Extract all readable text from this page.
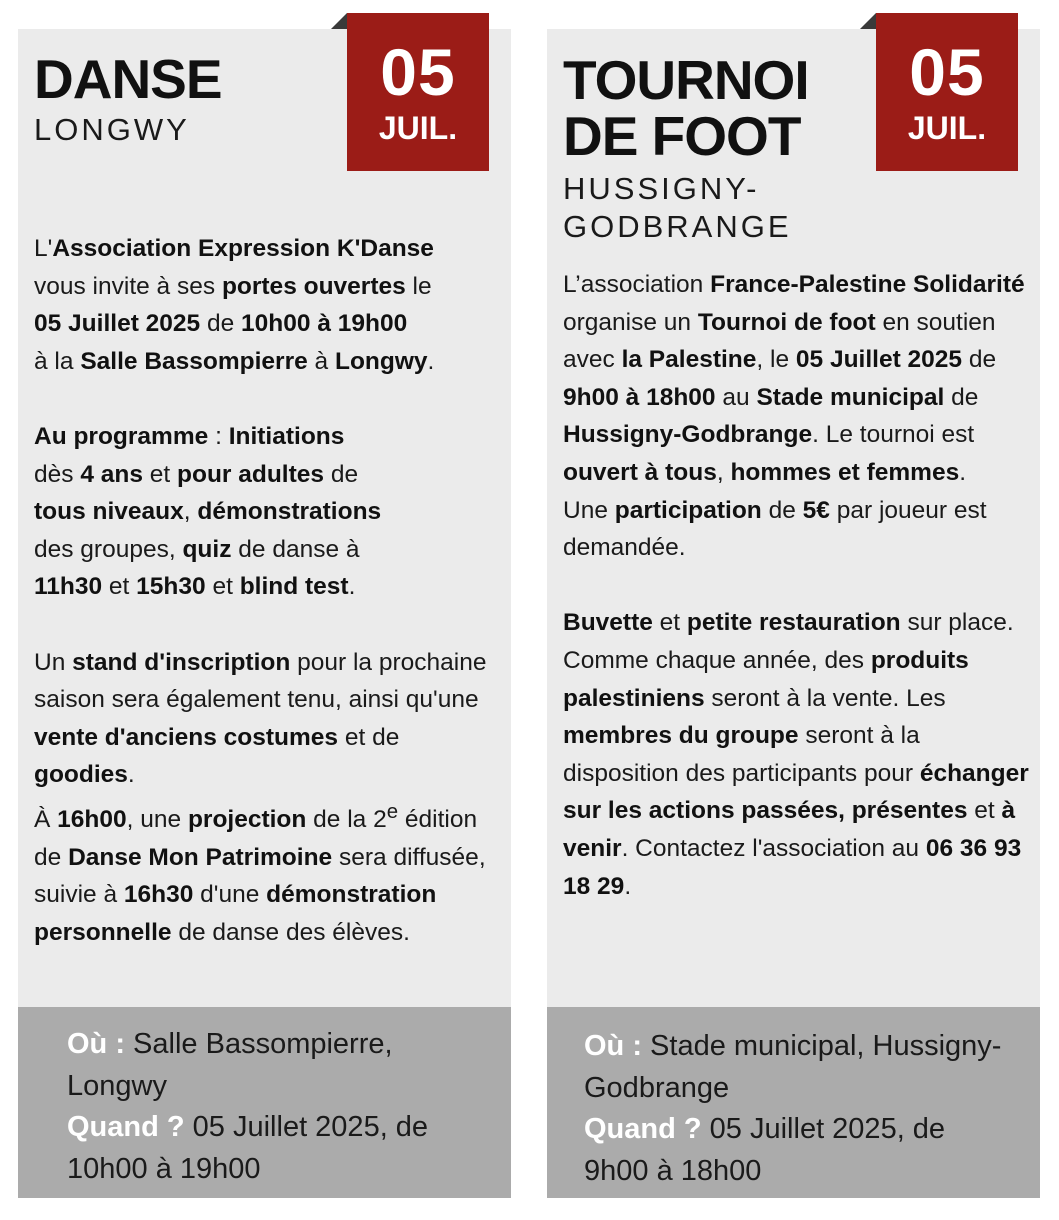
05
JUIL.
DANSE
LONGWY

L'Association Expression K'Danse
vous invite à ses portes ouvertes le
05 Juillet 2025 de 10h00 à 19h00
à la Salle Bassompierre à Longwy.

Au programme : Initiations
dès 4 ans et pour adultes de
tous niveaux, démonstrations
des groupes, quiz de danse à
11h30 et 15h30 et blind test.

Un stand d'inscription pour la prochaine saison sera également tenu, ainsi qu'une vente d'anciens costumes et de goodies.

À 16h00, une projection de la 2e édition de Danse Mon Patrimoine sera diffusée, suivie à 16h30 d'une démonstration personnelle de danse des élèves.

Où : Salle Bassompierre, Longwy

Quand ? 05 Juillet 2025, de 10h00 à 19h00

05
JUIL.
TOURNOI
DE FOOT
HUSSIGNY-
GODBRANGE

L’association France-Palestine Solidarité organise un Tournoi de foot en soutien avec la Palestine, le 05 Juillet 2025 de 9h00 à 18h00 au Stade municipal de Hussigny-Godbrange. Le tournoi est ouvert à tous, hommes et femmes.

Une participation de 5€ par joueur est demandée.

Buvette et petite restauration sur place. Comme chaque année, des produits palestiniens seront à la vente. Les membres du groupe seront à la disposition des participants pour échanger sur les actions passées, présentes et à venir. Contactez l'association au 06 36 93 18 29.

Où : Stade municipal, Hussigny-Godbrange

Quand ? 05 Juillet 2025, de 9h00 à 18h00
